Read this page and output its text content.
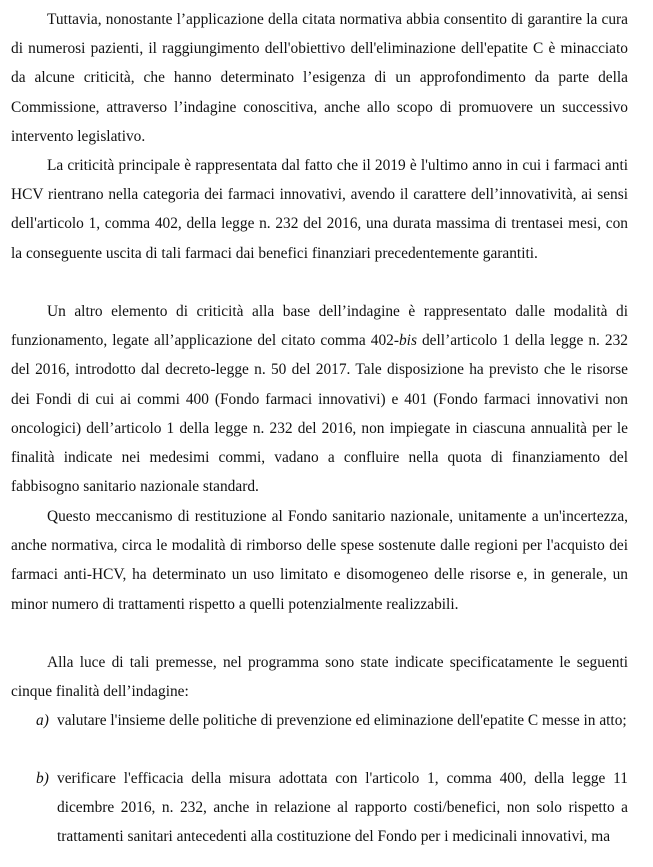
Tuttavia, nonostante l’applicazione della citata normativa abbia consentito di garantire la cura di numerosi pazienti, il raggiungimento dell'obiettivo dell'eliminazione dell'epatite C è minacciato da alcune criticità, che hanno determinato l’esigenza di un approfondimento da parte della Commissione, attraverso l’indagine conoscitiva, anche allo scopo di promuovere un successivo intervento legislativo.

La criticità principale è rappresentata dal fatto che il 2019 è l'ultimo anno in cui i farmaci anti HCV rientrano nella categoria dei farmaci innovativi, avendo il carattere dell’innovatività, ai sensi dell'articolo 1, comma 402, della legge n. 232 del 2016, una durata massima di trentasei mesi, con la conseguente uscita di tali farmaci dai benefici finanziari precedentemente garantiti.

Un altro elemento di criticità alla base dell’indagine è rappresentato dalle modalità di funzionamento, legate all’applicazione del citato comma 402-bis dell’articolo 1 della legge n. 232 del 2016, introdotto dal decreto-legge n. 50 del 2017. Tale disposizione ha previsto che le risorse dei Fondi di cui ai commi 400 (Fondo farmaci innovativi) e 401 (Fondo farmaci innovativi non oncologici) dell’articolo 1 della legge n. 232 del 2016, non impiegate in ciascuna annualità per le finalità indicate nei medesimi commi, vadano a confluire nella quota di finanziamento del fabbisogno sanitario nazionale standard.

Questo meccanismo di restituzione al Fondo sanitario nazionale, unitamente a un'incertezza, anche normativa, circa le modalità di rimborso delle spese sostenute dalle regioni per l'acquisto dei farmaci anti-HCV, ha determinato un uso limitato e disomogeneo delle risorse e, in generale, un minor numero di trattamenti rispetto a quelli potenzialmente realizzabili.

Alla luce di tali premesse, nel programma sono state indicate specificatamente le seguenti cinque finalità dell’indagine:

a) valutare l'insieme delle politiche di prevenzione ed eliminazione dell'epatite C messe in atto;
b) verificare l'efficacia della misura adottata con l'articolo 1, comma 400, della legge 11 dicembre 2016, n. 232, anche in relazione al rapporto costi/benefici, non solo rispetto a trattamenti sanitari antecedenti alla costituzione del Fondo per i medicinali innovativi, ma
